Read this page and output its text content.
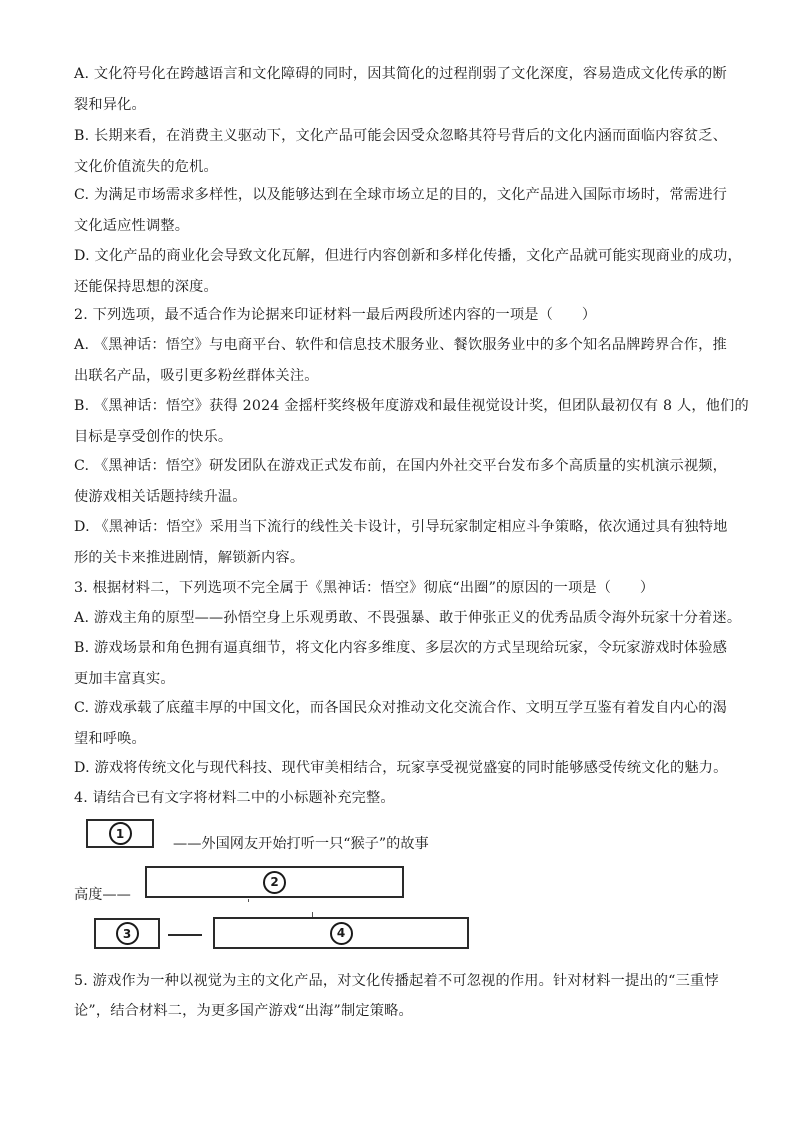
A. 文化符号化在跨越语言和文化障碍的同时，因其简化的过程削弱了文化深度，容易造成文化传承的断
裂和异化。
B. 长期来看，在消费主义驱动下，文化产品可能会因受众忽略其符号背后的文化内涵而面临内容贫乏、
文化价值流失的危机。
C. 为满足市场需求多样性，以及能够达到在全球市场立足的目的，文化产品进入国际市场时，常需进行
文化适应性调整。
D. 文化产品的商业化会导致文化瓦解，但进行内容创新和多样化传播，文化产品就可能实现商业的成功，
还能保持思想的深度。
2. 下列选项，最不适合作为论据来印证材料一最后两段所述内容的一项是（　　）
A. 《黑神话：悟空》与电商平台、软件和信息技术服务业、餐饮服务业中的多个知名品牌跨界合作，推
出联名产品，吸引更多粉丝群体关注。
B. 《黑神话：悟空》获得 2024 金摇杆奖终极年度游戏和最佳视觉设计奖，但团队最初仅有 8 人，他们的
目标是享受创作的快乐。
C. 《黑神话：悟空》研发团队在游戏正式发布前，在国内外社交平台发布多个高质量的实机演示视频，
使游戏相关话题持续升温。
D. 《黑神话：悟空》采用当下流行的线性关卡设计，引导玩家制定相应斗争策略，依次通过具有独特地
形的关卡来推进剧情，解锁新内容。
3. 根据材料二，下列选项不完全属于《黑神话：悟空》彻底“出圈”的原因的一项是（　　）
A. 游戏主角的原型——孙悟空身上乐观勇敢、不畏强暴、敢于伸张正义的优秀品质令海外玩家十分着迷。
B. 游戏场景和角色拥有逼真细节，将文化内容多维度、多层次的方式呈现给玩家，令玩家游戏时体验感
更加丰富真实。
C. 游戏承载了底蕴丰厚的中国文化，而各国民众对推动文化交流合作、文明互学互鉴有着发自内心的渴
望和呼唤。
D. 游戏将传统文化与现代科技、现代审美相结合，玩家享受视觉盛宴的同时能够感受传统文化的魅力。
4. 请结合已有文字将材料二中的小标题补充完整。
1
——外国网友开始打听一只“猴子”的故事
高度——
2
3	4
5. 游戏作为一种以视觉为主的文化产品，对文化传播起着不可忽视的作用。针对材料一提出的“三重悖
论”，结合材料二，为更多国产游戏“出海”制定策略。
